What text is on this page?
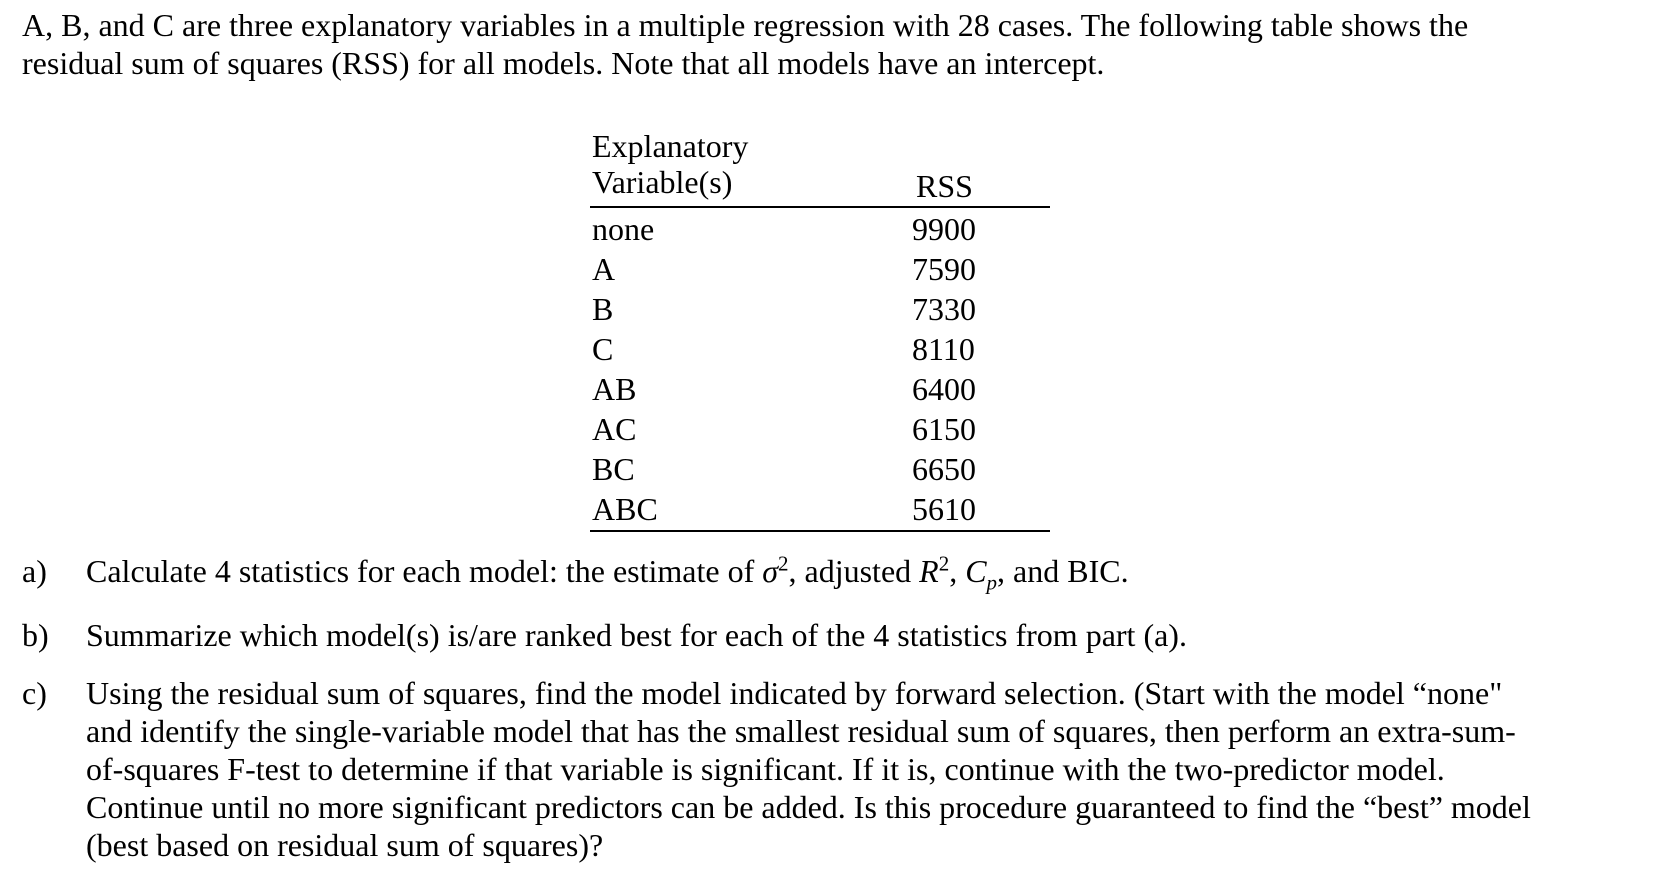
A, B, and C are three explanatory variables in a multiple regression with 28 cases. The following table shows the

residual sum of squares (RSS) for all models. Note that all models have an intercept.

Explanatory
Variable(s)	RSS
none	9900
A	7590
B	7330
C	8110
AB	6400
AC	6150
BC	6650
ABC	5610

a) Calculate 4 statistics for each model: the estimate of $\sigma^2$, adjusted $R^2$, $C_p$, and BIC.

b) Summarize which model(s) is/are ranked best for each of the 4 statistics from part (a).

c) Using the residual sum of squares, find the model indicated by forward selection. (Start with the model “none"
and identify the single-variable model that has the smallest residual sum of squares, then perform an extra-sum-
of-squares F-test to determine if that variable is significant. If it is, continue with the two-predictor model.
Continue until no more significant predictors can be added. Is this procedure guaranteed to find the “best” model
(best based on residual sum of squares)?
